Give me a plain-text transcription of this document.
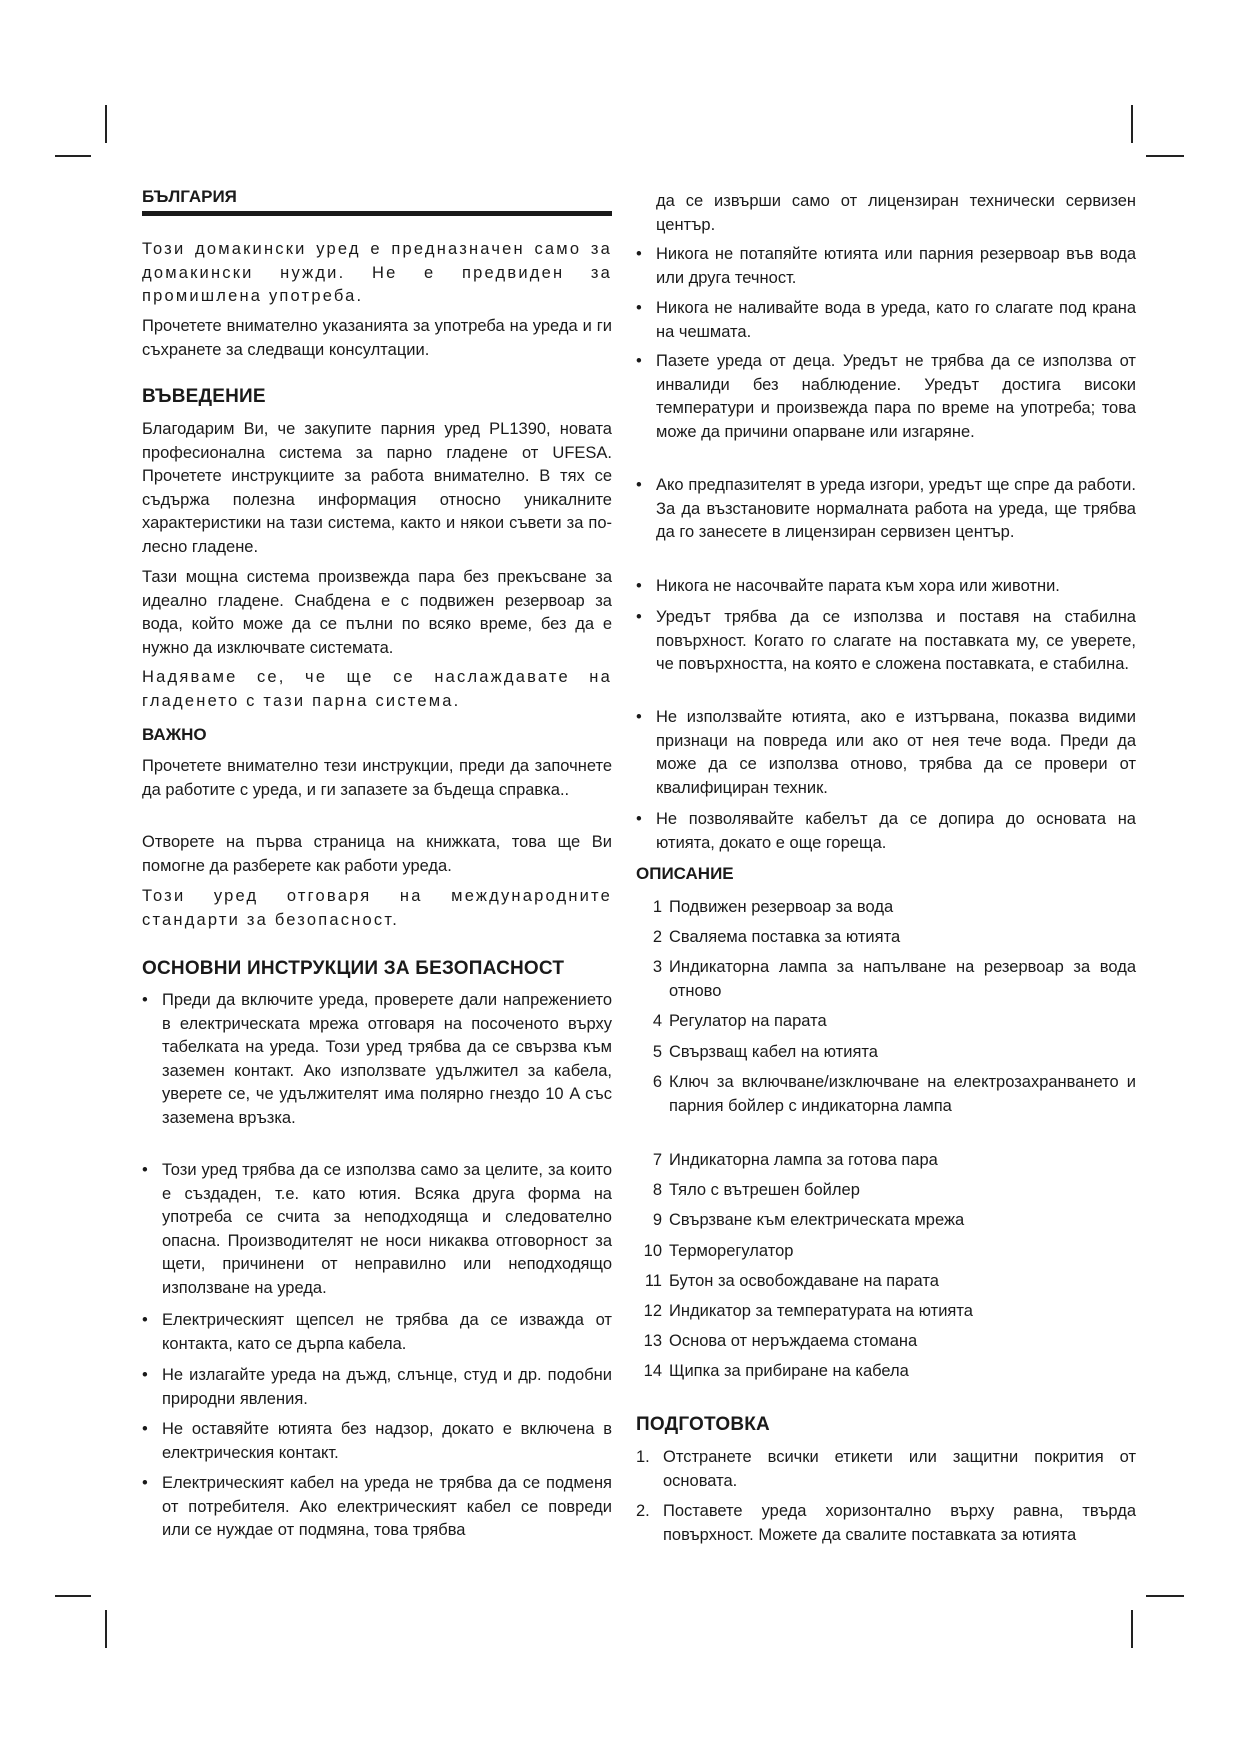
БЪЛГАРИЯ

Този домакински уред е предназначен само за домакински нужди. Не е предвиден за промишлена употреба.

Прочетете внимателно указанията за употреба на уреда и ги съхранете за следващи консултации.

ВЪВЕДЕНИЕ

Благодарим Ви, че закупите парния уред PL1390, новата професионална система за парно гладене от UFESA. Прочетете инструкциите за работа внимателно. В тях се съдържа полезна информация относно уникалните характеристики на тази система, както и някои съвети за по-лесно гладене.

Тази мощна система произвежда пара без прекъсване за идеално гладене. Снабдена е с подвижен резервоар за вода, който може да се пълни по всяко време, без да е нужно да изключвате системата.

Надяваме се, че ще се наслаждавате на гладенето с тази парна система.

ВАЖНО

Прочетете внимателно тези инструкции, преди да започнете да работите с уреда, и ги запазете за бъдеща справка..

Отворете на първа страница на книжката, това ще Ви помогне да разберете как работи уреда.

Този уред отговаря на международните стандарти за безопасност.

ОСНОВНИ ИНСТРУКЦИИ ЗА БЕЗОПАСНОСТ

• Преди да включите уреда, проверете дали напрежението в електрическата мрежа отговаря на посоченото върху табелката на уреда. Този уред трябва да се свързва към заземен контакт. Ако използвате удължител за кабела, уверете се, че удължителят има полярно гнездо 10 A със заземена връзка.

• Този уред трябва да се използва само за целите, за които е създаден, т.е. като ютия. Всяка друга форма на употреба се счита за неподходяща и следователно опасна. Производителят не носи никаква отговорност за щети, причинени от неправилно или неподходящо използване на уреда.

• Електрическият щепсел не трябва да се изважда от контакта, като се дърпа кабела.

• Не излагайте уреда на дъжд, слънце, студ и др. подобни природни явления.

• Не оставяйте ютията без надзор, докато е включена в електрическия контакт.

• Електрическият кабел на уреда не трябва да се подменя от потребителя. Ако електрическият кабел се повреди или се нуждае от подмяна, това трябва

да се извърши само от лицензиран технически сервизен център.

• Никога не потапяйте ютията или парния резервоар във вода или друга течност.

• Никога не наливайте вода в уреда, като го слагате под крана на чешмата.

• Пазете уреда от деца. Уредът не трябва да се използва от инвалиди без наблюдение. Уредът достига високи температури и произвежда пара по време на употреба; това може да причини опарване или изгаряне.

• Ако предпазителят в уреда изгори, уредът ще спре да работи. За да възстановите нормалната работа на уреда, ще трябва да го занесете в лицензиран сервизен център.

• Никога не насочвайте парата към хора или животни.

• Уредът трябва да се използва и поставя на стабилна повърхност. Когато го слагате на поставката му, се уверете, че повърхността, на която е сложена поставката, е стабилна.

• Не използвайте ютията, ако е изтървана, показва видими признаци на повреда или ако от нея тече вода. Преди да може да се използва отново, трябва да се провери от квалифициран техник.

• Не позволявайте кабелът да се допира до основата на ютията, докато е още гореща.

ОПИСАНИЕ
1 Подвижен резервоар за вода
2 Сваляема поставка за ютията
3 Индикаторна лампа за напълване на резервоар за вода отново
4 Регулатор на парата
5 Свързващ кабел на ютията
6 Ключ за включване/изключване на електрозахранването и парния бойлер с индикаторна лампа
7 Индикаторна лампа за готова пара
8 Тяло с вътрешен бойлер
9 Свързване към електрическата мрежа
10 Терморегулатор
11 Бутон за освобождаване на парата
12 Индикатор за температурата на ютията
13 Основа от неръждаема стомана
14 Щипка за прибиране на кабела
ПОДГОТОВКА
1. Отстранете всички етикети или защитни покрития от основата.
2. Поставете уреда хоризонтално върху равна, твърда повърхност. Можете да свалите поставката за ютията
